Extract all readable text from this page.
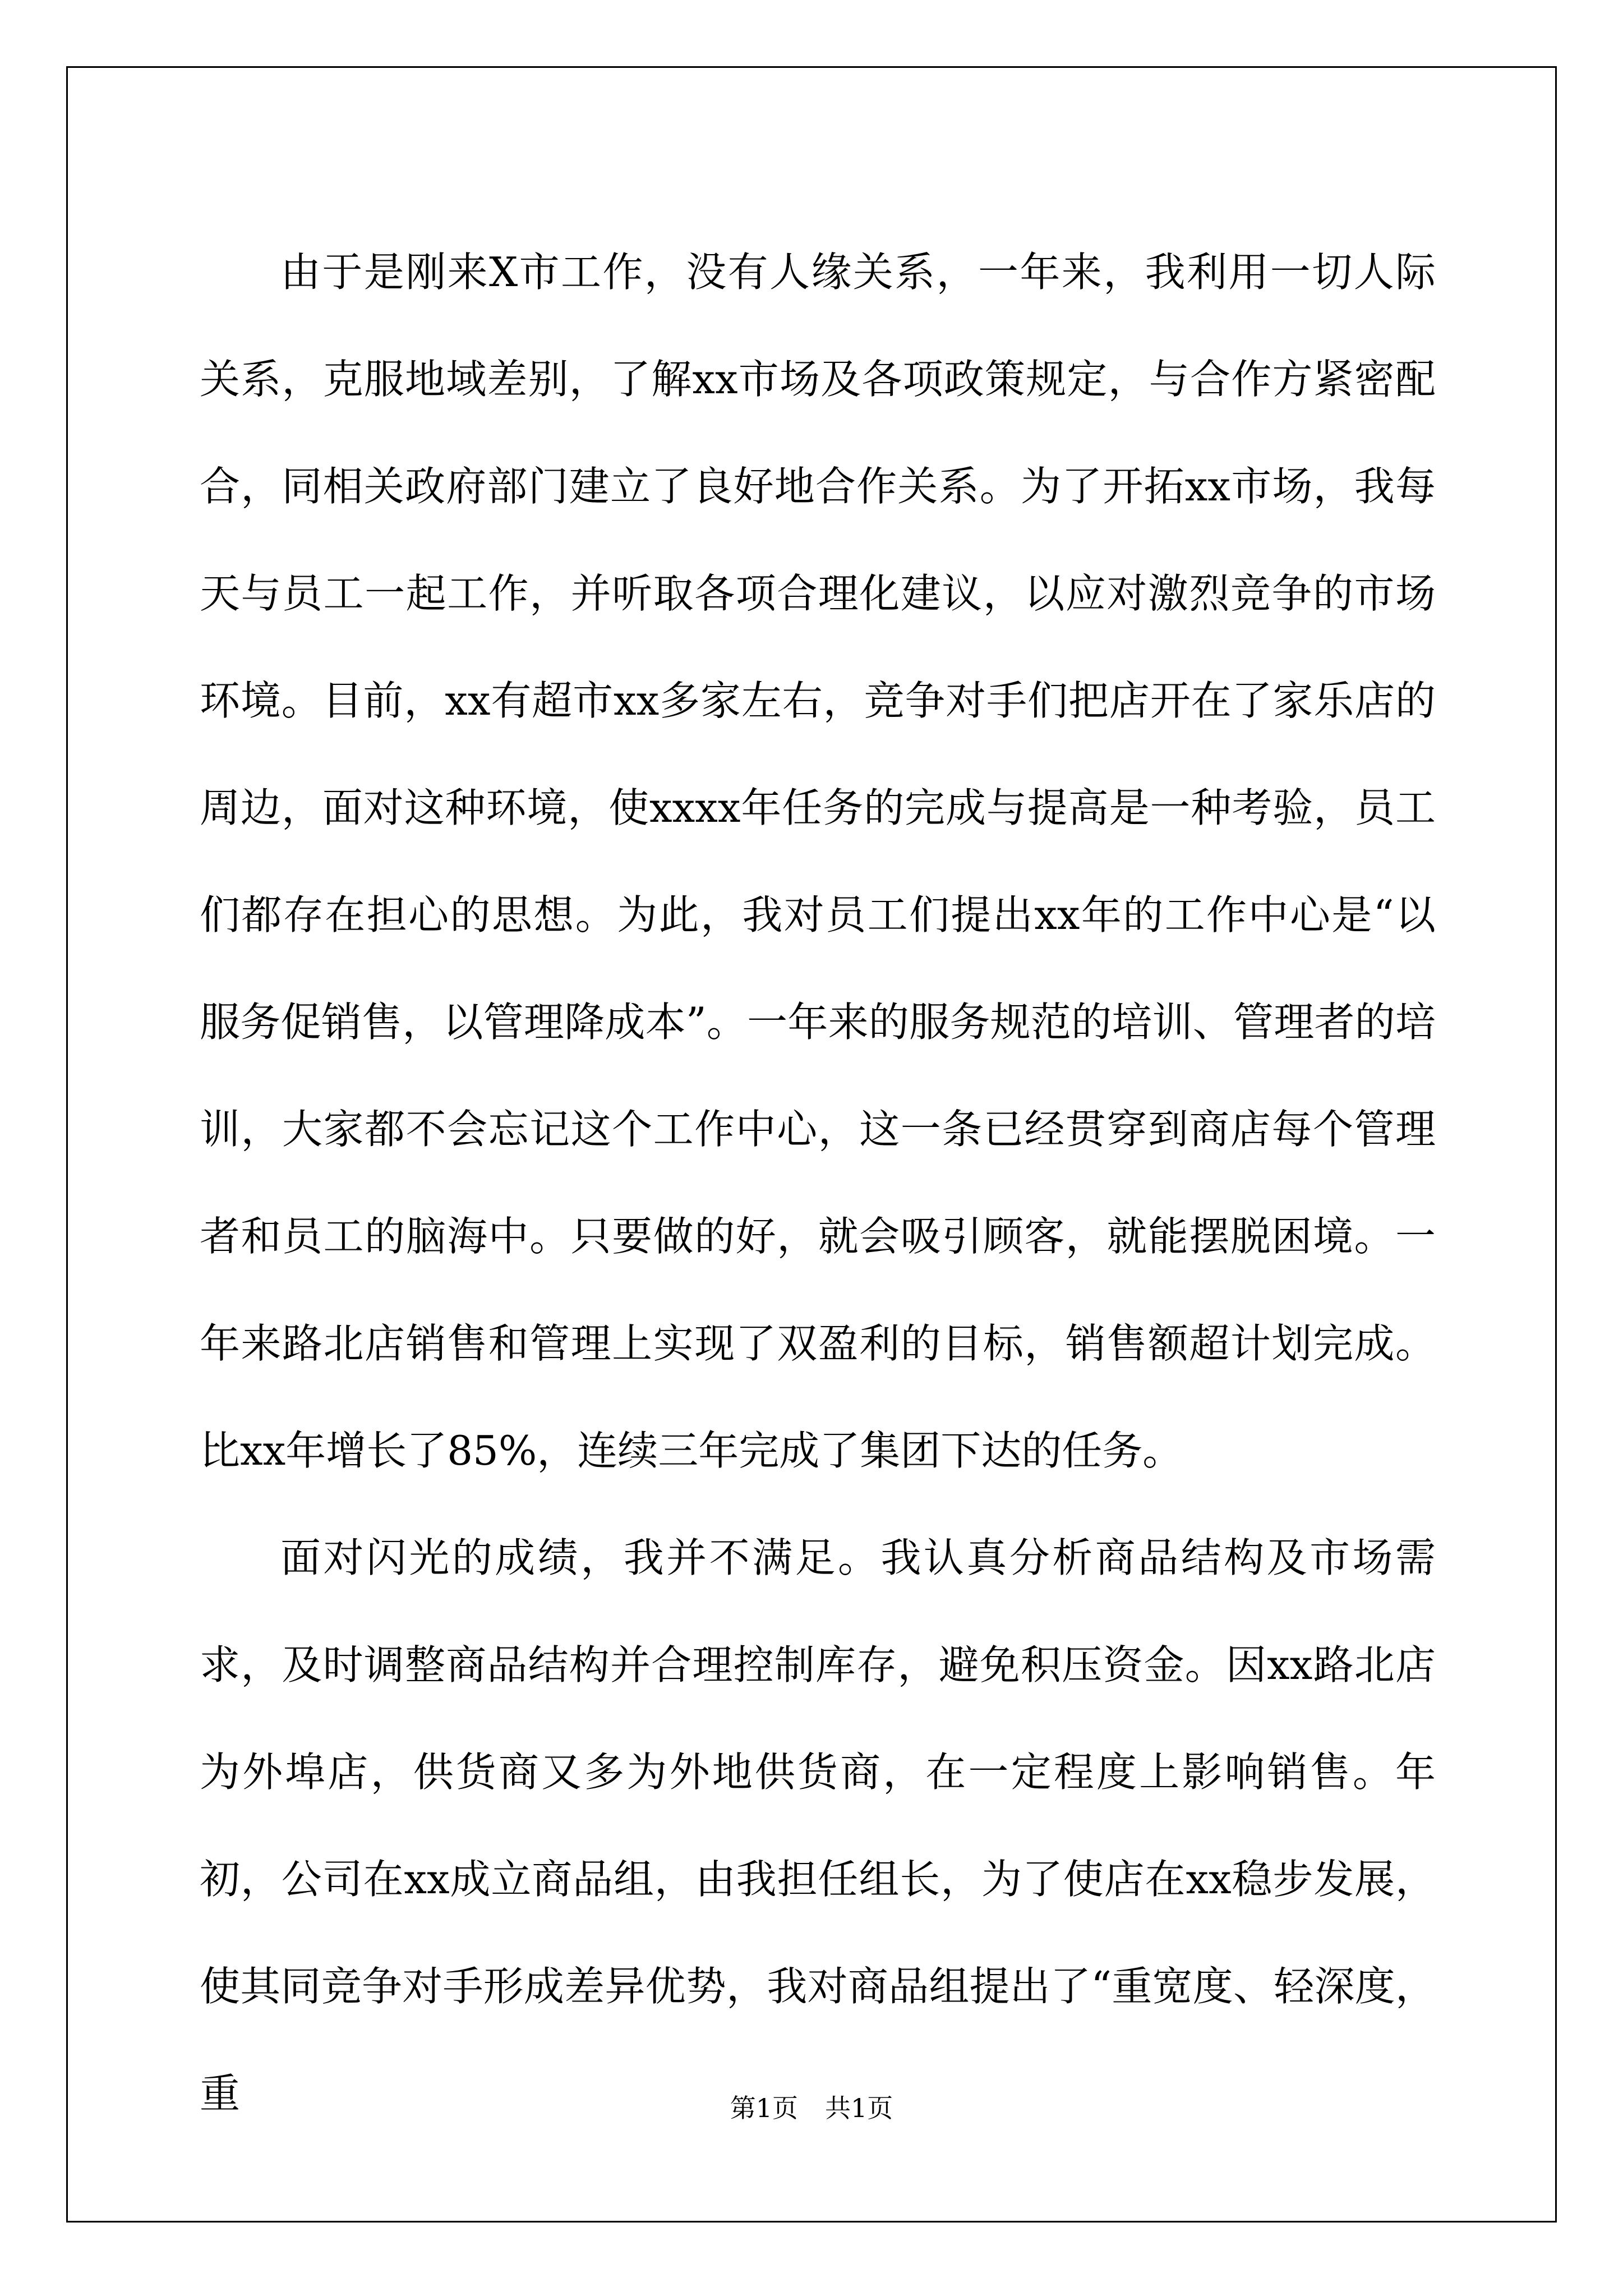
由于是刚来X市工作，没有人缘关系，一年来，我利用一切人际关系，克服地域差别，了解xx市场及各项政策规定，与合作方紧密配合，同相关政府部门建立了良好地合作关系。为了开拓xx市场，我每天与员工一起工作，并听取各项合理化建议，以应对激烈竞争的市场环境。目前，xx有超市xx多家左右，竞争对手们把店开在了家乐店的周边，面对这种环境，使xxxx年任务的完成与提高是一种考验，员工们都存在担心的思想。为此，我对员工们提出xx年的工作中心是“以服务促销售，以管理降成本”。一年来的服务规范的培训、管理者的培训，大家都不会忘记这个工作中心，这一条已经贯穿到商店每个管理者和员工的脑海中。只要做的好，就会吸引顾客，就能摆脱困境。一年来路北店销售和管理上实现了双盈利的目标，销售额超计划完成。比xx年增长了85%，连续三年完成了集团下达的任务。

面对闪光的成绩，我并不满足。我认真分析商品结构及市场需求，及时调整商品结构并合理控制库存，避免积压资金。因xx路北店为外埠店，供货商又多为外地供货商，在一定程度上影响销售。年初，公司在xx成立商品组，由我担任组长，为了使店在xx稳步发展，使其同竞争对手形成差异优势，我对商品组提出了“重宽度、轻深度，重	第1页 共1页
